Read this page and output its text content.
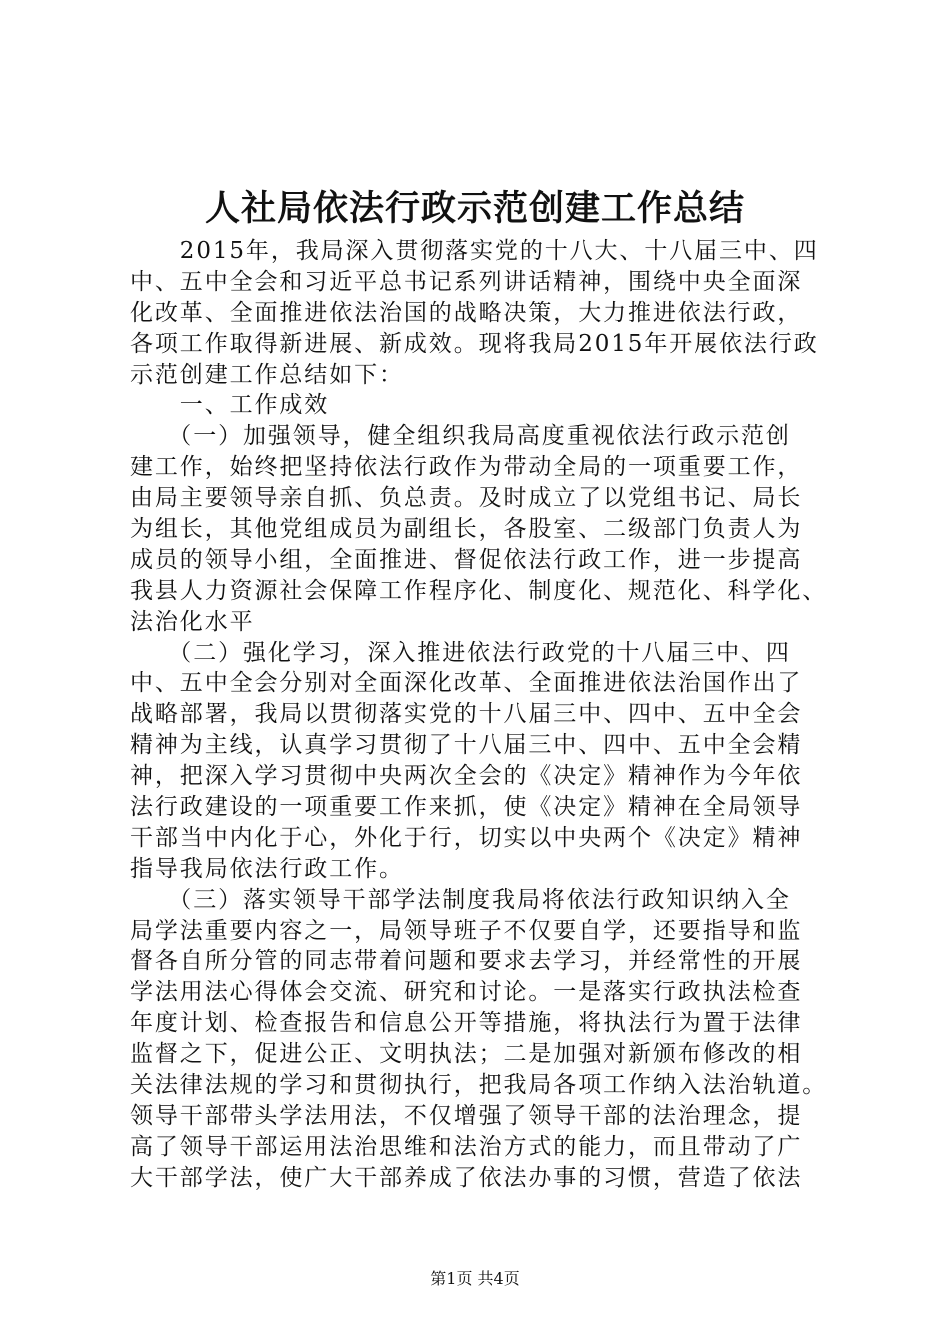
人社局依法行政示范创建工作总结
　　2015年，我局深入贯彻落实党的十八大、十八届三中、四
中、五中全会和习近平总书记系列讲话精神，围绕中央全面深
化改革、全面推进依法治国的战略决策，大力推进依法行政，
各项工作取得新进展、新成效。现将我局2015年开展依法行政
示范创建工作总结如下：
　　一、工作成效
　　（一）加强领导，健全组织我局高度重视依法行政示范创
建工作，始终把坚持依法行政作为带动全局的一项重要工作，
由局主要领导亲自抓、负总责。及时成立了以党组书记、局长
为组长，其他党组成员为副组长，各股室、二级部门负责人为
成员的领导小组，全面推进、督促依法行政工作，进一步提高
我县人力资源社会保障工作程序化、制度化、规范化、科学化、
法治化水平
　　（二）强化学习，深入推进依法行政党的十八届三中、四
中、五中全会分别对全面深化改革、全面推进依法治国作出了
战略部署，我局以贯彻落实党的十八届三中、四中、五中全会
精神为主线，认真学习贯彻了十八届三中、四中、五中全会精
神，把深入学习贯彻中央两次全会的《决定》精神作为今年依
法行政建设的一项重要工作来抓，使《决定》精神在全局领导
干部当中内化于心，外化于行，切实以中央两个《决定》精神
指导我局依法行政工作。
　　（三）落实领导干部学法制度我局将依法行政知识纳入全
局学法重要内容之一，局领导班子不仅要自学，还要指导和监
督各自所分管的同志带着问题和要求去学习，并经常性的开展
学法用法心得体会交流、研究和讨论。一是落实行政执法检查
年度计划、检查报告和信息公开等措施，将执法行为置于法律
监督之下，促进公正、文明执法；二是加强对新颁布修改的相
关法律法规的学习和贯彻执行，把我局各项工作纳入法治轨道。
领导干部带头学法用法，不仅增强了领导干部的法治理念，提
高了领导干部运用法治思维和法治方式的能力，而且带动了广
大干部学法，使广大干部养成了依法办事的习惯，营造了依法
第1页 共4页
